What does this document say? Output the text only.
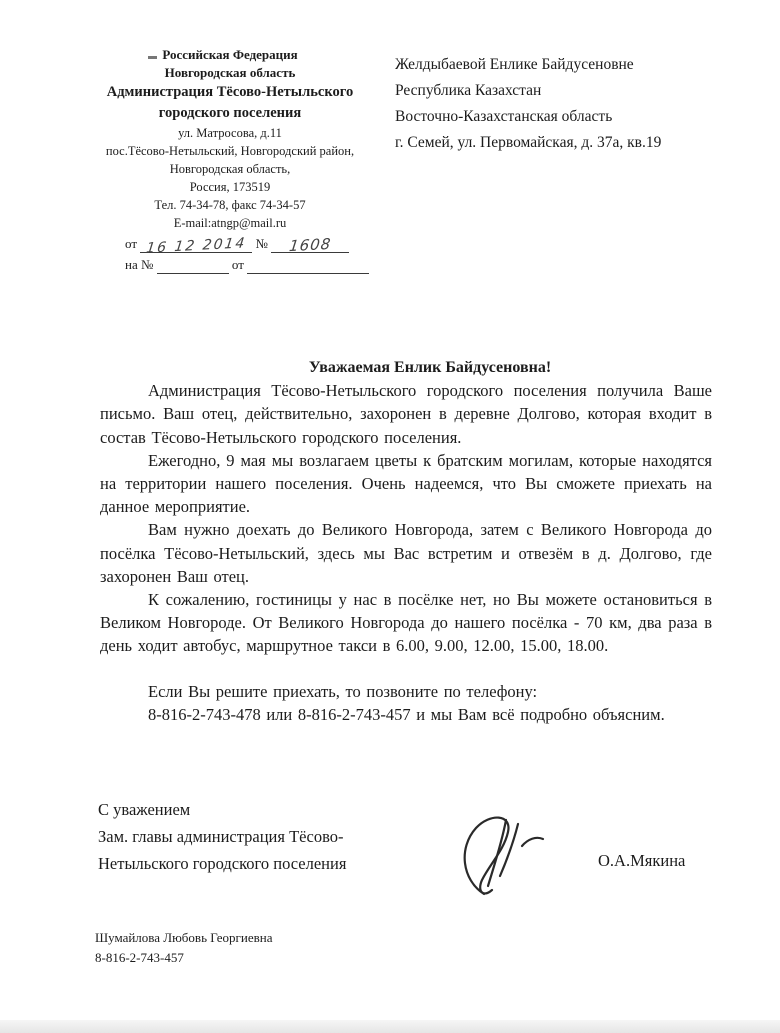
Российская Федерация
Новгородская область
Администрация Тёсово-Нетыльского
городского поселения
ул. Матросова, д.11
пос.Тёсово-Нетыльский, Новгородский район,
Новгородская область,
Россия, 173519
Тел. 74-34-78, факс 74-34-57
E-mail:atngp@mail.ru
от 16 12 2014 № 1608
на №	от
Желдыбаевой Енлике Байдусеновне
Республика Казахстан
Восточно-Казахстанская область
г. Семей, ул. Первомайская, д. 37а, кв.19

Уважаемая Енлик Байдусеновна!

Администрация Тёсово-Нетыльского городского поселения получила Ваше письмо. Ваш отец, действительно, захоронен в деревне Долгово, которая входит в состав Тёсово-Нетыльского городского поселения.

Ежегодно, 9 мая мы возлагаем цветы к братским могилам, которые находятся на территории нашего поселения. Очень надеемся, что Вы сможете приехать на данное мероприятие.

Вам нужно доехать до Великого Новгорода, затем с Великого Новгорода до посёлка Тёсово-Нетыльский, здесь мы Вас встретим и отвезём в д. Долгово, где захоронен Ваш отец.

К сожалению, гостиницы у нас в посёлке нет, но Вы можете остановиться в Великом Новгороде. От Великого Новгорода до нашего посёлка - 70 км, два раза в день ходит автобус, маршрутное такси в 6.00, 9.00, 12.00, 15.00, 18.00.

Если Вы решите приехать, то позвоните по телефону:

8-816-2-743-478 или 8-816-2-743-457 и мы Вам всё подробно объясним.

С уважением
Зам. главы администрация Тёсово-
Нетыльского городского поселения	О.А.Мякина
Шумайлова Любовь Георгиевна
8-816-2-743-457
